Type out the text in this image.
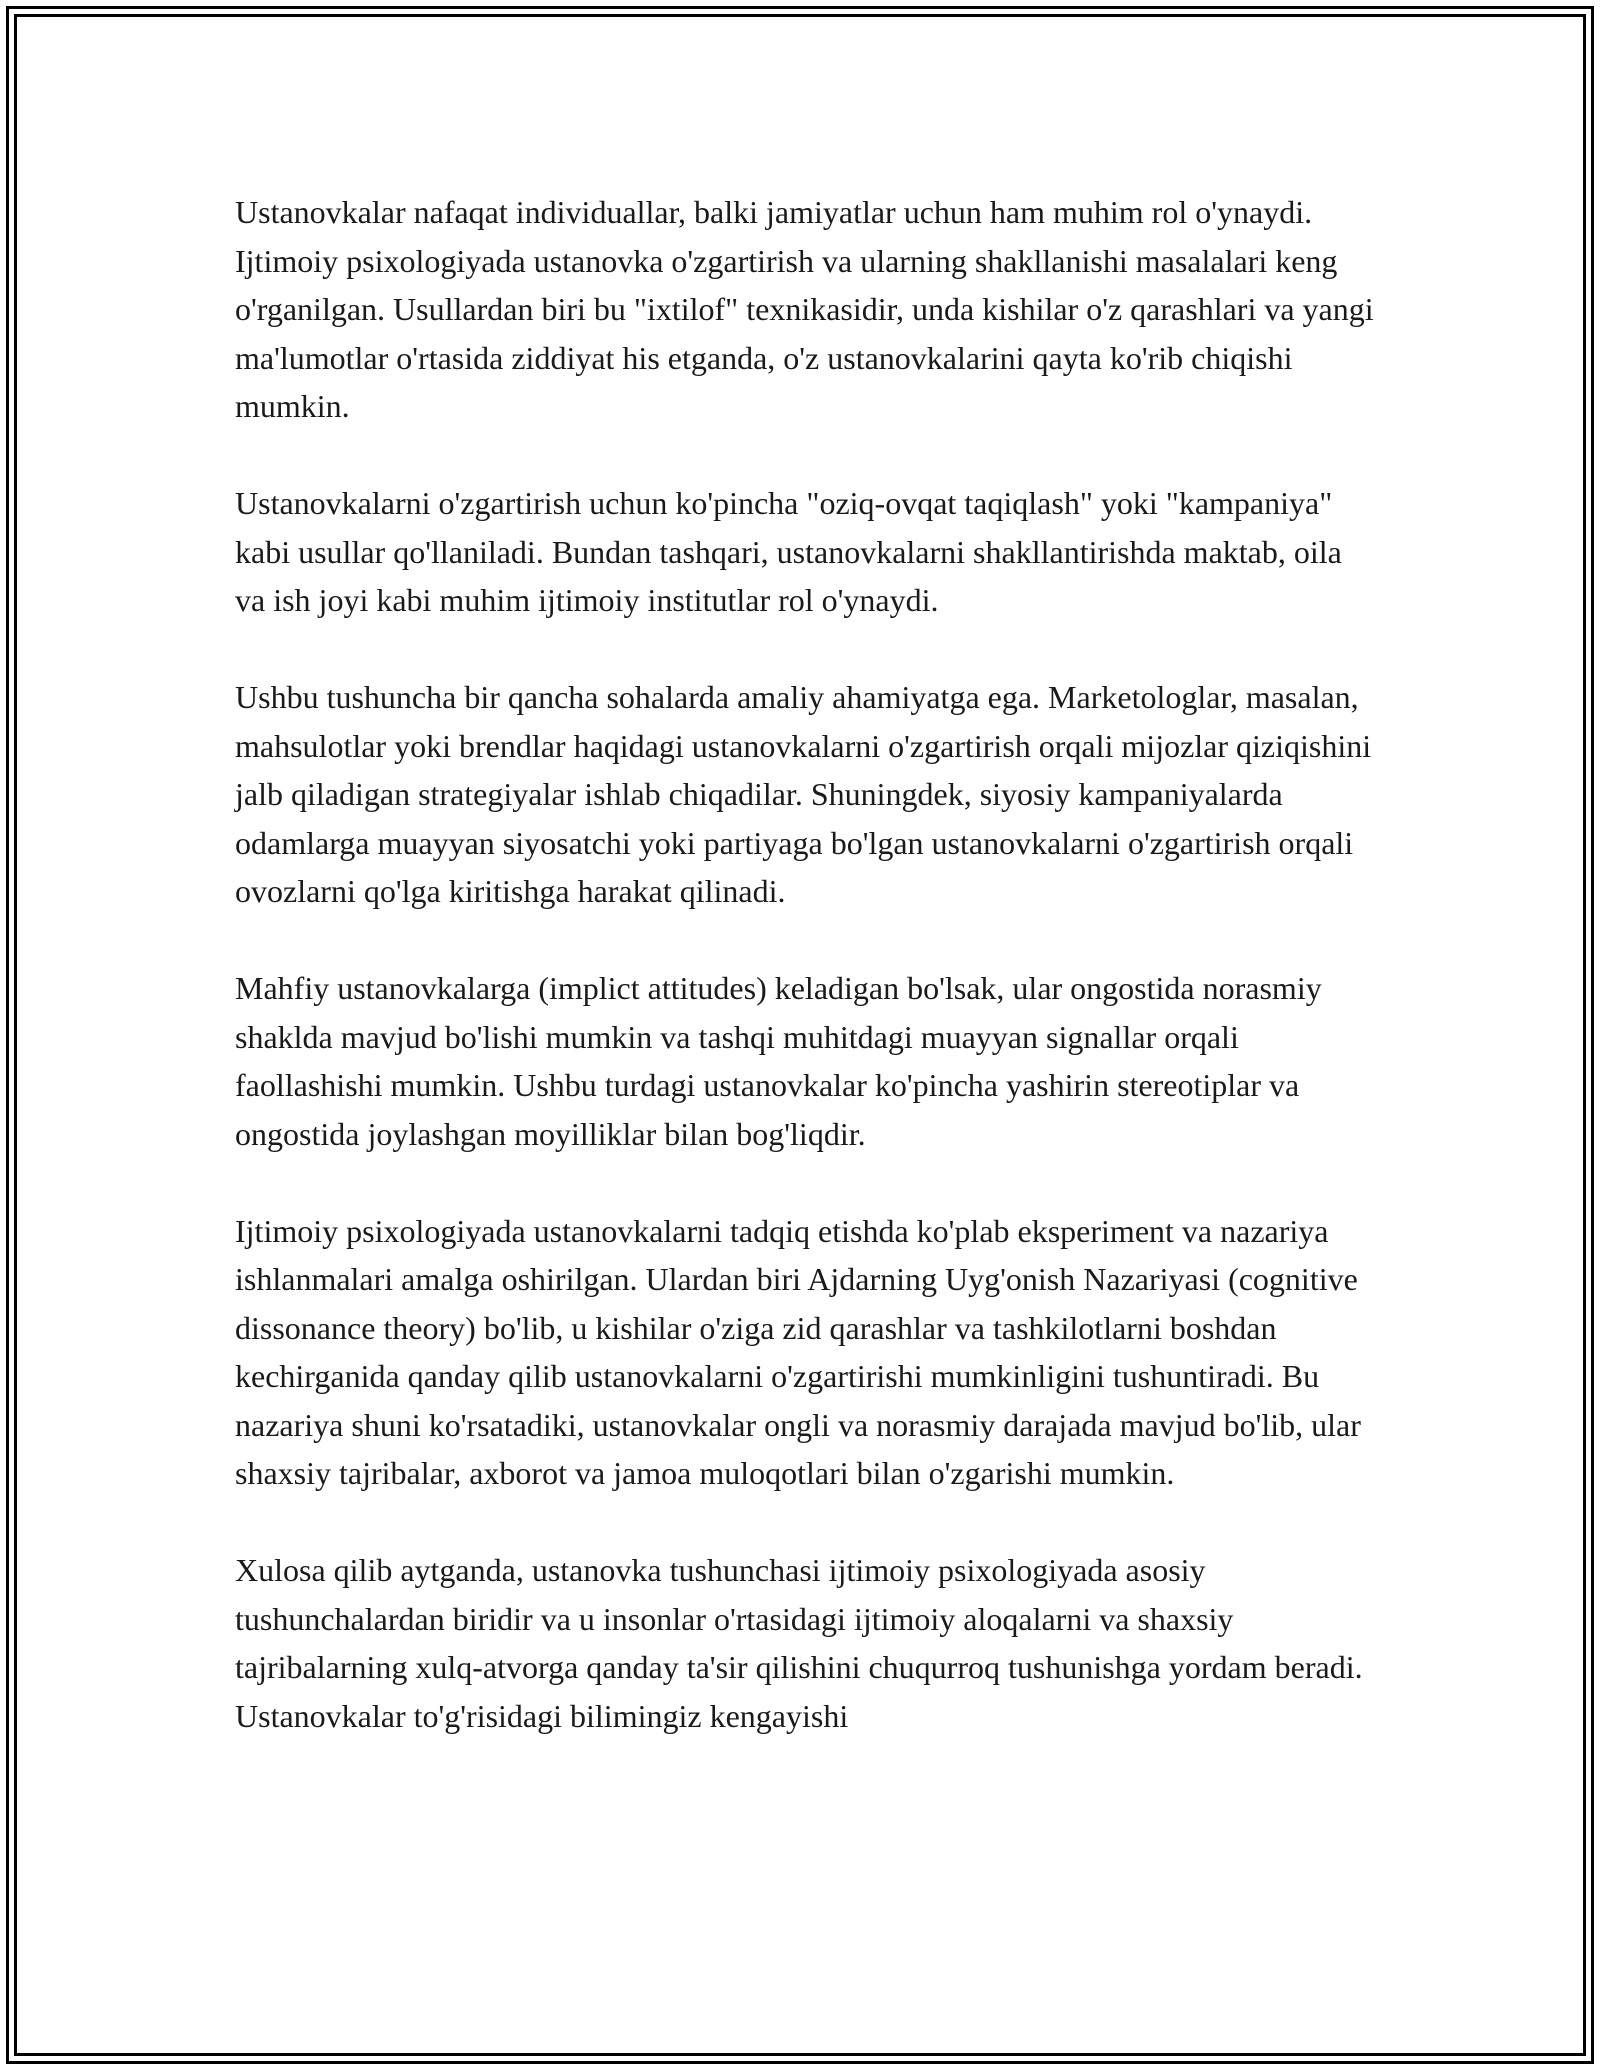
Ustanovkalar nafaqat individuallar, balki jamiyatlar uchun ham muhim rol o'ynaydi. Ijtimoiy psixologiyada ustanovka o'zgartirish va ularning shakllanishi masalalari keng o'rganilgan. Usullardan biri bu "ixtilof" texnikasidir, unda kishilar o'z qarashlari va yangi ma'lumotlar o'rtasida ziddiyat his etganda, o'z ustanovkalarini qayta ko'rib chiqishi mumkin.

Ustanovkalarni o'zgartirish uchun ko'pincha "oziq-ovqat taqiqlash" yoki "kampaniya" kabi usullar qo'llaniladi. Bundan tashqari, ustanovkalarni shakllantirishda maktab, oila va ish joyi kabi muhim ijtimoiy institutlar rol o'ynaydi.

Ushbu tushuncha bir qancha sohalarda amaliy ahamiyatga ega. Marketologlar, masalan, mahsulotlar yoki brendlar haqidagi ustanovkalarni o'zgartirish orqali mijozlar qiziqishini jalb qiladigan strategiyalar ishlab chiqadilar. Shuningdek, siyosiy kampaniyalarda odamlarga muayyan siyosatchi yoki partiyaga bo'lgan ustanovkalarni o'zgartirish orqali ovozlarni qo'lga kiritishga harakat qilinadi.

Mahfiy ustanovkalarga (implict attitudes) keladigan bo'lsak, ular ongostida norasmiy shakldа mavjud bo'lishi mumkin va tashqi muhitdagi muayyan signallar orqali faollashishi mumkin. Ushbu turdagi ustanovkalar ko'pincha yashirin stereotiplar va ongostida joylashgan moyilliklar bilan bog'liqdir.

Ijtimoiy psixologiyada ustanovkalarni tadqiq etishda ko'plab eksperiment va nazariya ishlanmalari amalga oshirilgan. Ulardan biri Ajdarning Uyg'onish Nazariyasi (cognitive dissonance theory) bo'lib, u kishilar o'ziga zid qarashlar va tashkilotlarni boshdan kechirganida qanday qilib ustanovkalarni o'zgartirishi mumkinligini tushuntiradi. Bu nazariya shuni ko'rsatadiki, ustanovkalar ongli va norasmiy darajada mavjud bo'lib, ular shaxsiy tajribalar, axborot va jamoa muloqotlari bilan o'zgarishi mumkin.

Xulosa qilib aytganda, ustanovka tushunchasi ijtimoiy psixologiyada asosiy tushunchalardan biridir va u insonlar o'rtasidagi ijtimoiy aloqalarni va shaxsiy tajribalarning xulq-atvorga qanday ta'sir qilishini chuqurroq tushunishga yordam beradi. Ustanovkalar to'g'risidagi bilimingiz kengayishi
